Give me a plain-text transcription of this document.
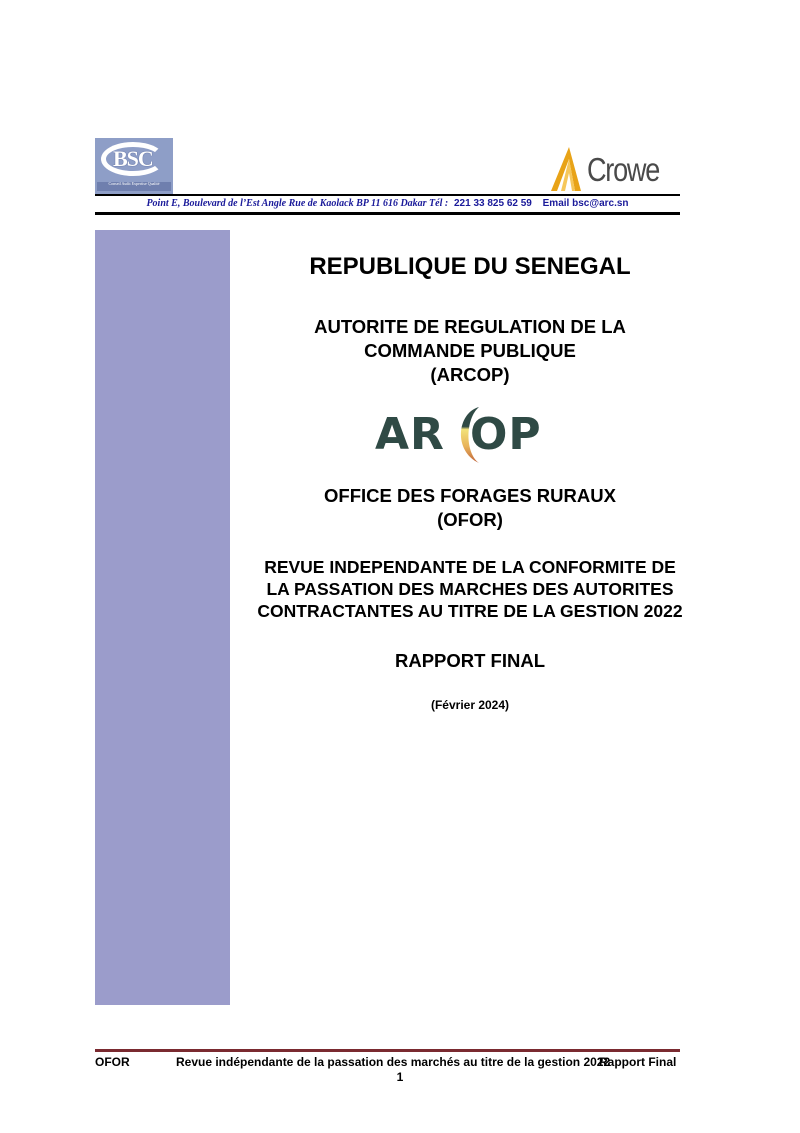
BSC
Conseil Audit Expertise Qualité	Crowe
Point E, Boulevard de l’Est Angle Rue de Kaolack BP 11 616 Dakar Tél : 221 33 825 62 59 Email bsc@arc.sn
REPUBLIQUE DU SENEGAL
AUTORITE DE REGULATION DE LA
COMMANDE PUBLIQUE
(ARCOP)
AR OP
OFFICE DES FORAGES RURAUX
(OFOR)
REVUE INDEPENDANTE DE LA CONFORMITE DE
LA PASSATION DES MARCHES DES AUTORITES
CONTRACTANTES AU TITRE DE LA GESTION 2022
RAPPORT FINAL
(Février 2024)
OFOR	Revue indépendante de la passation des marchés au titre de la gestion 2022
Rapport Final
1
